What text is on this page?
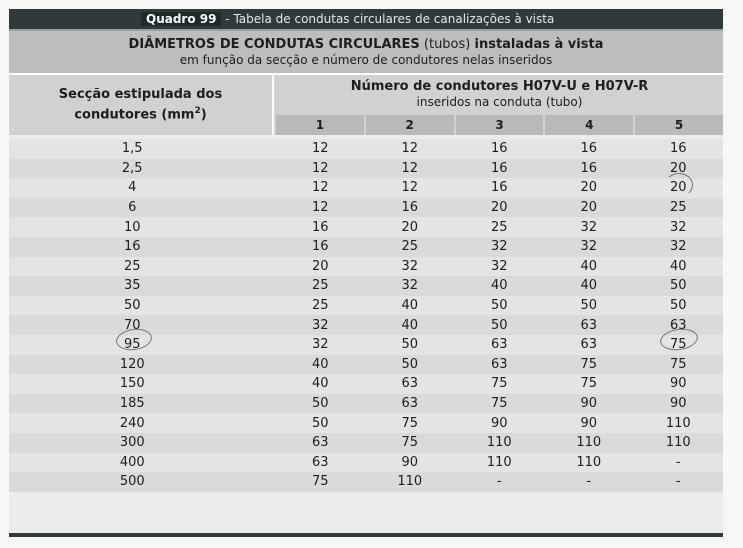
Quadro 99 - Tabela de condutas circulares de canalizações à vista
DIÂMETROS DE CONDUTAS CIRCULARES (tubos) instaladas à vista
em função da secção e número de condutores nelas inseridos
Secção estipulada dos
condutores $(mm^2)$
Número de condutores H07V-U e H07V-R
inseridos na conduta (tubo)
1	2	3	4	5
1,5	12	12	16	16	16
2,5	12	12	16	16	20
4	12	12	16	20	20
6	12	16	20	20	25
10	16	20	25	32	32
16	16	25	32	32	32
25	20	32	32	40	40
35	25	32	40	40	50
50	25	40	50	50	50
70	32	40	50	63	63
95	32	50	63	63	75
120	40	50	63	75	75
150	40	63	75	75	90
185	50	63	75	90	90
240	50	75	90	90	110
300	63	75	110	110	110
400	63	90	110	110	-
500	75	110	-	-	-
